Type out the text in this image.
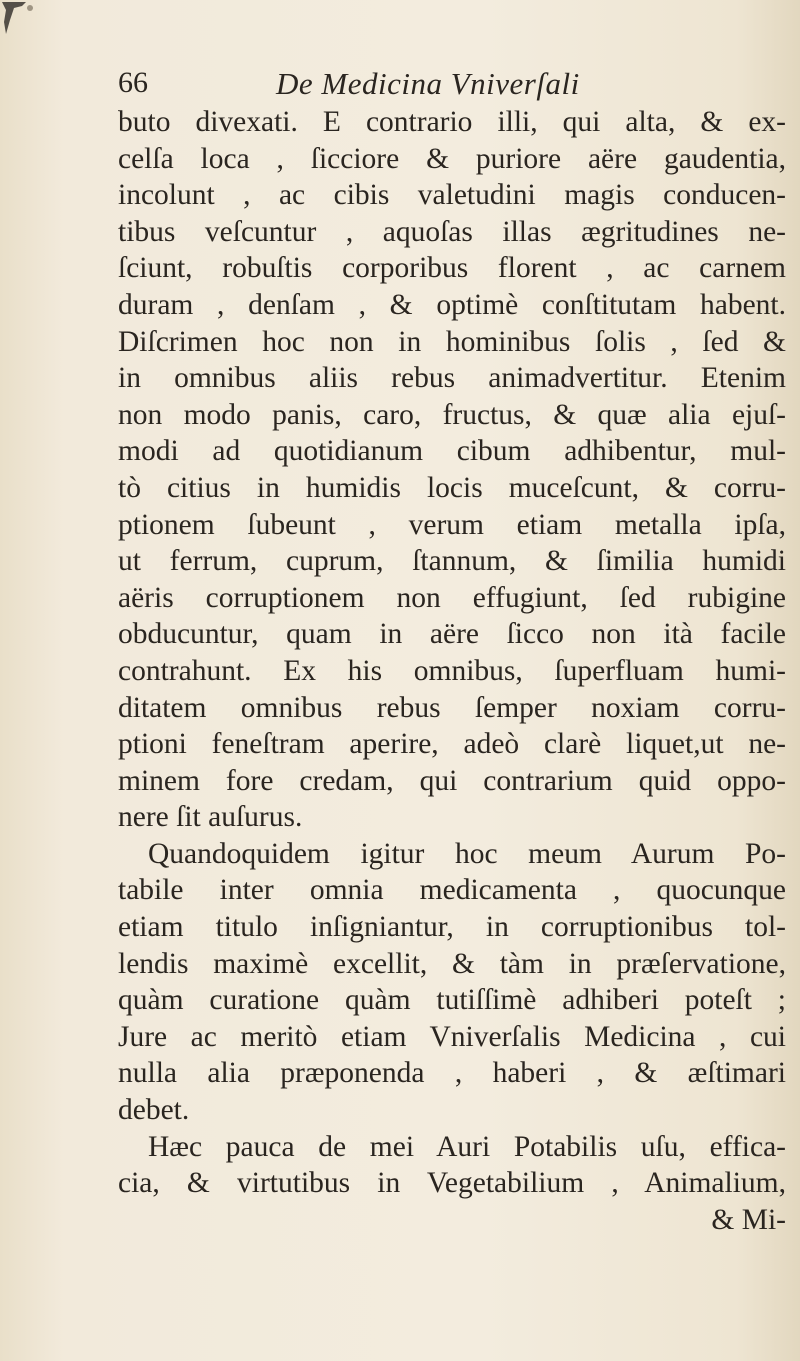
66	De Medicina Vniverſali
buto divexati. E contrario illi, qui alta, & ex-
celſa loca , ſicciore & puriore aëre gaudentia,
incolunt , ac cibis valetudini magis conducen-
tibus veſcuntur , aquoſas illas ægritudines ne-
ſciunt, robuſtis corporibus florent , ac carnem
duram , denſam , & optimè conſtitutam habent.
Diſcrimen hoc non in hominibus ſolis , ſed &
in omnibus aliis rebus animadvertitur. Etenim
non modo panis, caro, fructus, & quæ alia ejuſ-
modi ad quotidianum cibum adhibentur, mul-
tò citius in humidis locis muceſcunt, & corru-
ptionem ſubeunt , verum etiam metalla ipſa,
ut ferrum, cuprum, ſtannum, & ſimilia humidi
aëris corruptionem non effugiunt, ſed rubigine
obducuntur, quam in aëre ſicco non ità facile
contrahunt. Ex his omnibus, ſuperfluam humi-
ditatem omnibus rebus ſemper noxiam corru-
ptioni feneſtram aperire, adeò clarè liquet,ut ne-
minem fore credam, qui contrarium quid oppo-
nere ſit auſurus.
Quandoquidem igitur hoc meum Aurum Po-
tabile inter omnia medicamenta , quocunque
etiam titulo inſigniantur, in corruptionibus tol-
lendis maximè excellit, & tàm in præſervatione,
quàm curatione quàm tutiſſimè adhiberi poteſt ;
Jure ac meritò etiam Vniverſalis Medicina , cui
nulla alia præponenda , haberi , & æſtimari
debet.
Hæc pauca de mei Auri Potabilis uſu, effica-
cia, & virtutibus in Vegetabilium , Animalium,
& Mi-
